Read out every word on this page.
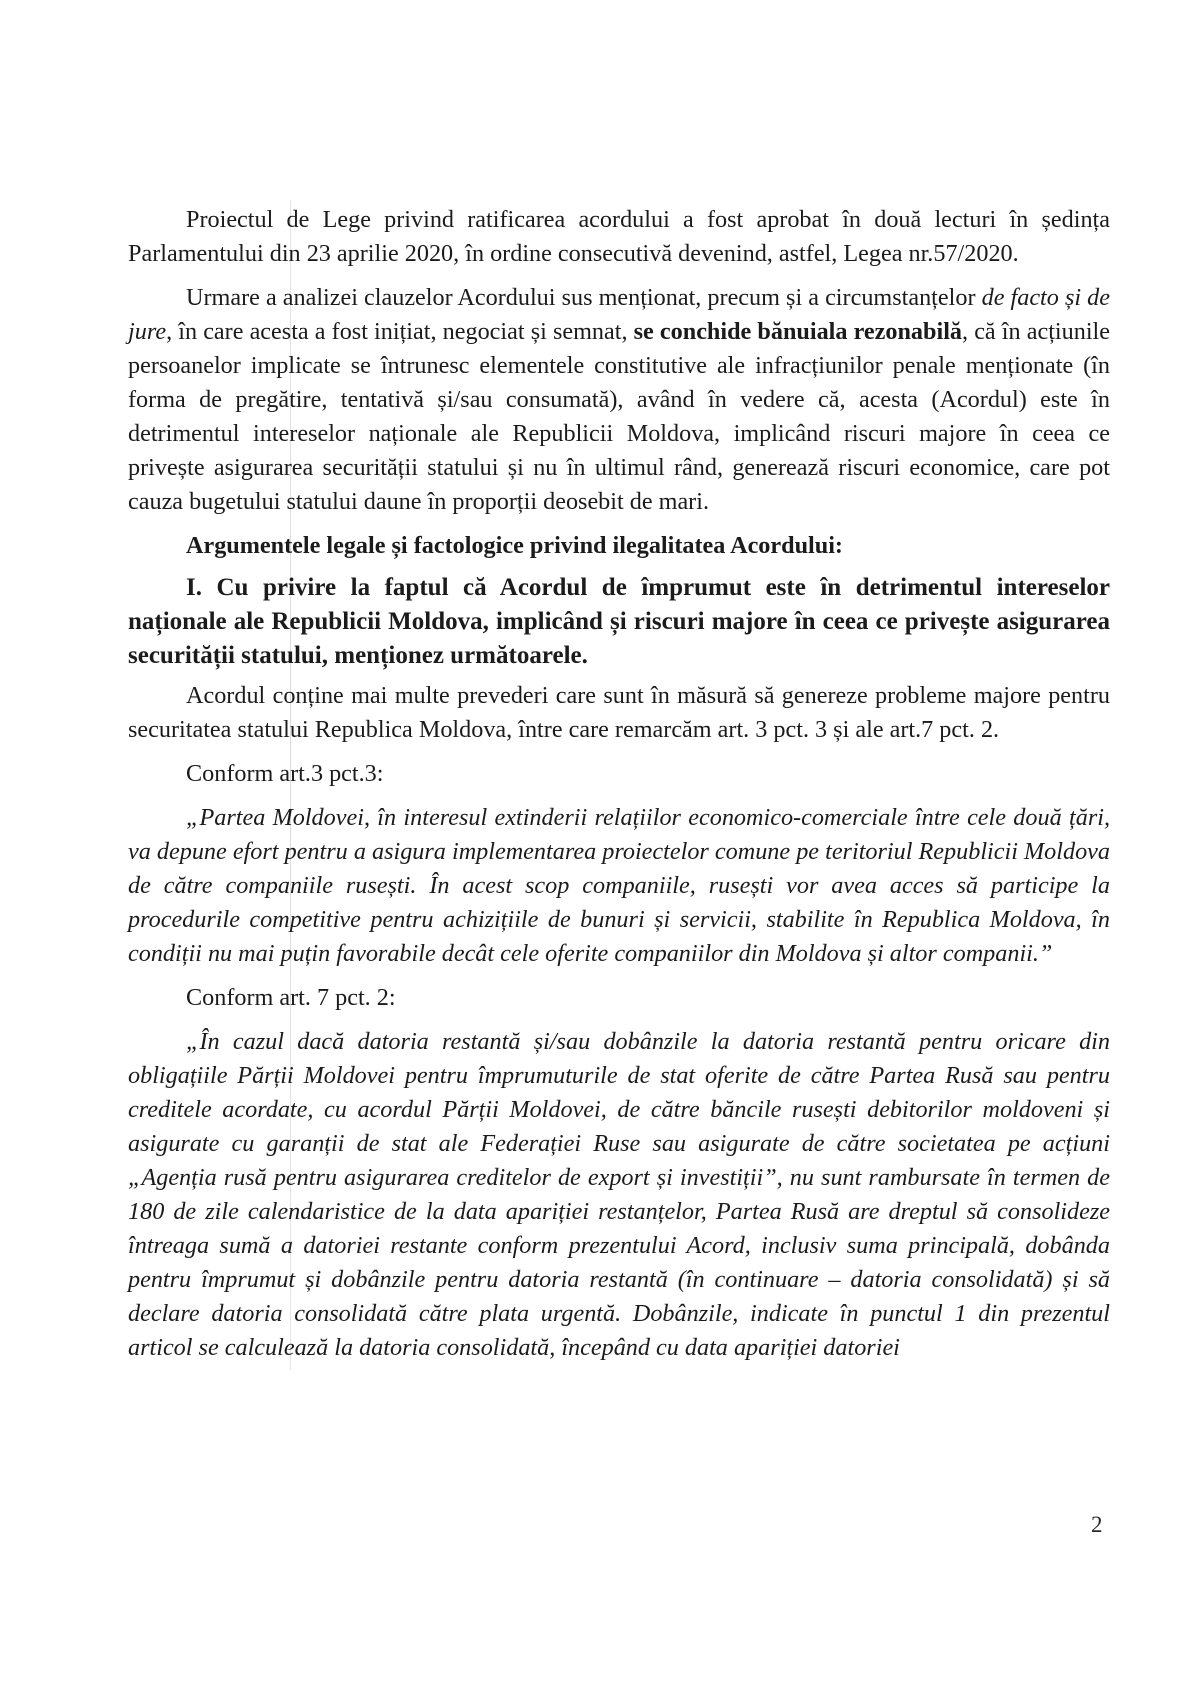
Proiectul de Lege privind ratificarea acordului a fost aprobat în două lecturi în ședința Parlamentului din 23 aprilie 2020, în ordine consecutivă devenind, astfel, Legea nr.57/2020.

Urmare a analizei clauzelor Acordului sus menționat, precum și a circumstanțelor de facto și de jure, în care acesta a fost inițiat, negociat și semnat, se conchide bănuiala rezonabilă, că în acțiunile persoanelor implicate se întrunesc elementele constitutive ale infracțiunilor penale menționate (în forma de pregătire, tentativă și/sau consumată), având în vedere că, acesta (Acordul) este în detrimentul intereselor naționale ale Republicii Moldova, implicând riscuri majore în ceea ce privește asigurarea securității statului și nu în ultimul rând, generează riscuri economice, care pot cauza bugetului statului daune în proporții deosebit de mari.

Argumentele legale și factologice privind ilegalitatea Acordului:

I. Cu privire la faptul că Acordul de împrumut este în detrimentul intereselor naționale ale Republicii Moldova, implicând și riscuri majore în ceea ce privește asigurarea securității statului, menționez următoarele.

Acordul conține mai multe prevederi care sunt în măsură să genereze probleme majore pentru securitatea statului Republica Moldova, între care remarcăm art. 3 pct. 3 și ale art.7 pct. 2.

Conform art.3 pct.3:

„Partea Moldovei, în interesul extinderii relațiilor economico-comerciale între cele două țări, va depune efort pentru a asigura implementarea proiectelor comune pe teritoriul Republicii Moldova de către companiile rusești. În acest scop companiile, rusești vor avea acces să participe la procedurile competitive pentru achizițiile de bunuri și servicii, stabilite în Republica Moldova, în condiții nu mai puțin favorabile decât cele oferite companiilor din Moldova și altor companii.”

Conform art. 7 pct. 2:

„În cazul dacă datoria restantă și/sau dobânzile la datoria restantă pentru oricare din obligațiile Părții Moldovei pentru împrumuturile de stat oferite de către Partea Rusă sau pentru creditele acordate, cu acordul Părții Moldovei, de către băncile rusești debitorilor moldoveni și asigurate cu garanții de stat ale Federației Ruse sau asigurate de către societatea pe acțiuni „Agenția rusă pentru asigurarea creditelor de export și investiții”, nu sunt rambursate în termen de 180 de zile calendaristice de la data apariției restanțelor, Partea Rusă are dreptul să consolideze întreaga sumă a datoriei restante conform prezentului Acord, inclusiv suma principală, dobânda pentru împrumut și dobânzile pentru datoria restantă (în continuare – datoria consolidată) și să declare datoria consolidată către plata urgentă. Dobânzile, indicate în punctul 1 din prezentul articol se calculează la datoria consolidată, începând cu data apariției datoriei

2
